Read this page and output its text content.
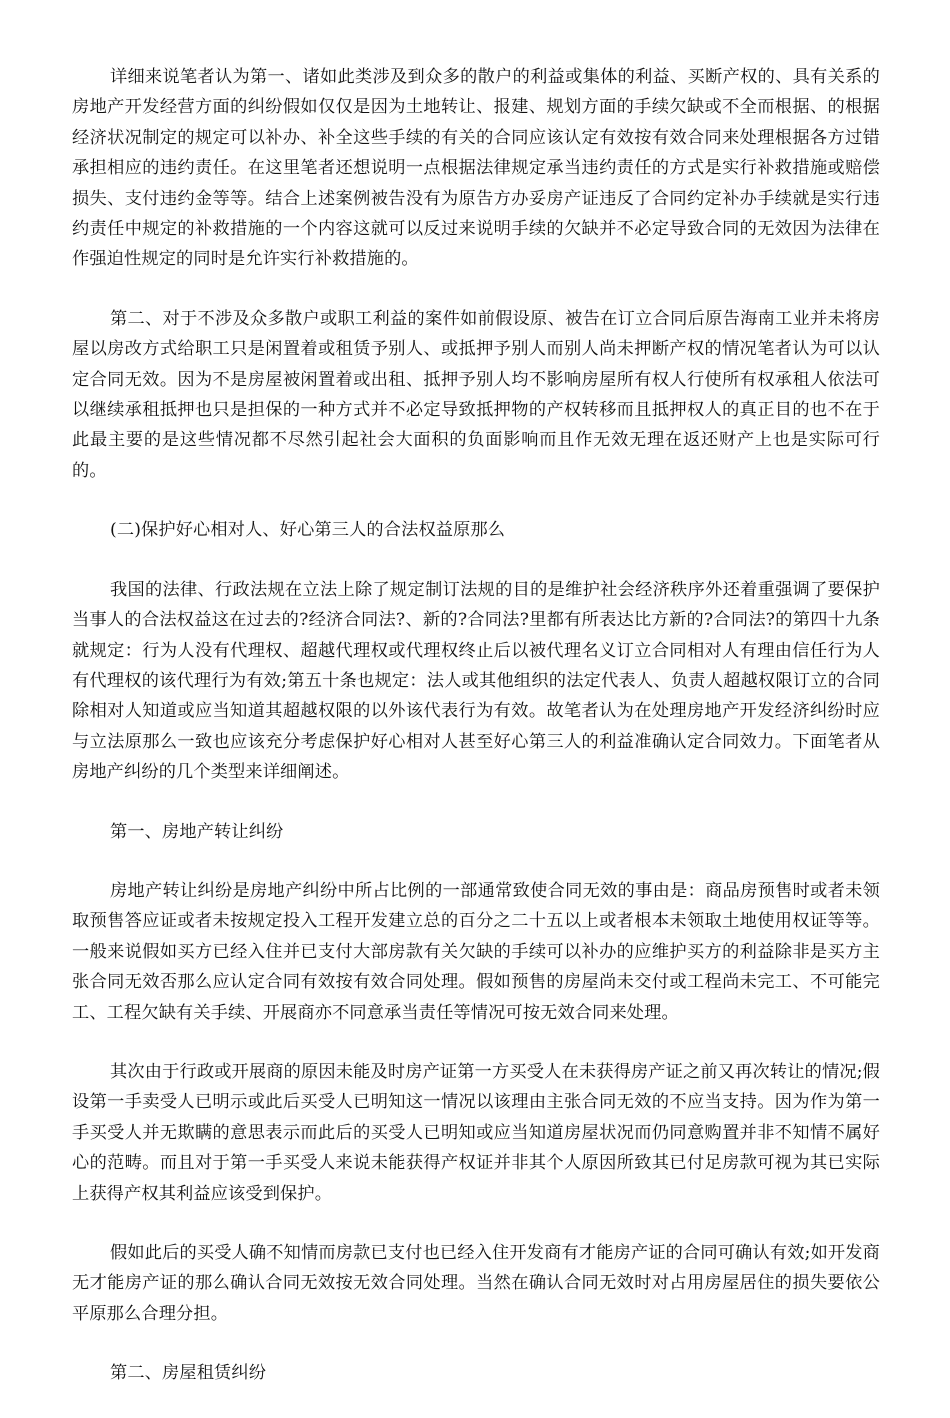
详细来说笔者认为第一、诸如此类涉及到众多的散户的利益或集体的利益、买断产权的、具有关系的房地产开发经营方面的纠纷假如仅仅是因为土地转让、报建、规划方面的手续欠缺或不全而根据、的根据经济状况制定的规定可以补办、补全这些手续的有关的合同应该认定有效按有效合同来处理根据各方过错承担相应的违约责任。在这里笔者还想说明一点根据法律规定承当违约责任的方式是实行补救措施或赔偿损失、支付违约金等等。结合上述案例被告没有为原告方办妥房产证违反了合同约定补办手续就是实行违约责任中规定的补救措施的一个内容这就可以反过来说明手续的欠缺并不必定导致合同的无效因为法律在作强迫性规定的同时是允许实行补救措施的。

第二、对于不涉及众多散户或职工利益的案件如前假设原、被告在订立合同后原告海南工业并未将房屋以房改方式给职工只是闲置着或租赁予别人、或抵押予别人而别人尚未押断产权的情况笔者认为可以认定合同无效。因为不是房屋被闲置着或出租、抵押予别人均不影响房屋所有权人行使所有权承租人依法可以继续承租抵押也只是担保的一种方式并不必定导致抵押物的产权转移而且抵押权人的真正目的也不在于此最主要的是这些情况都不尽然引起社会大面积的负面影响而且作无效无理在返还财产上也是实际可行的。

(二)保护好心相对人、好心第三人的合法权益原那么

我国的法律、行政法规在立法上除了规定制订法规的目的是维护社会经济秩序外还着重强调了要保护当事人的合法权益这在过去的?经济合同法?、新的?合同法?里都有所表达比方新的?合同法?的第四十九条就规定：行为人没有代理权、超越代理权或代理权终止后以被代理名义订立合同相对人有理由信任行为人有代理权的该代理行为有效;第五十条也规定：法人或其他组织的法定代表人、负责人超越权限订立的合同除相对人知道或应当知道其超越权限的以外该代表行为有效。故笔者认为在处理房地产开发经济纠纷时应与立法原那么一致也应该充分考虑保护好心相对人甚至好心第三人的利益准确认定合同效力。下面笔者从房地产纠纷的几个类型来详细阐述。

第一、房地产转让纠纷

房地产转让纠纷是房地产纠纷中所占比例的一部通常致使合同无效的事由是：商品房预售时或者未领取预售答应证或者未按规定投入工程开发建立总的百分之二十五以上或者根本未领取土地使用权证等等。一般来说假如买方已经入住并已支付大部房款有关欠缺的手续可以补办的应维护买方的利益除非是买方主张合同无效否那么应认定合同有效按有效合同处理。假如预售的房屋尚未交付或工程尚未完工、不可能完工、工程欠缺有关手续、开展商亦不同意承当责任等情况可按无效合同来处理。

其次由于行政或开展商的原因未能及时房产证第一方买受人在未获得房产证之前又再次转让的情况;假设第一手卖受人已明示或此后买受人已明知这一情况以该理由主张合同无效的不应当支持。因为作为第一手买受人并无欺瞒的意思表示而此后的买受人已明知或应当知道房屋状况而仍同意购置并非不知情不属好心的范畴。而且对于第一手买受人来说未能获得产权证并非其个人原因所致其已付足房款可视为其已实际上获得产权其利益应该受到保护。

假如此后的买受人确不知情而房款已支付也已经入住开发商有才能房产证的合同可确认有效;如开发商无才能房产证的那么确认合同无效按无效合同处理。当然在确认合同无效时对占用房屋居住的损失要依公平原那么合理分担。

第二、房屋租赁纠纷
